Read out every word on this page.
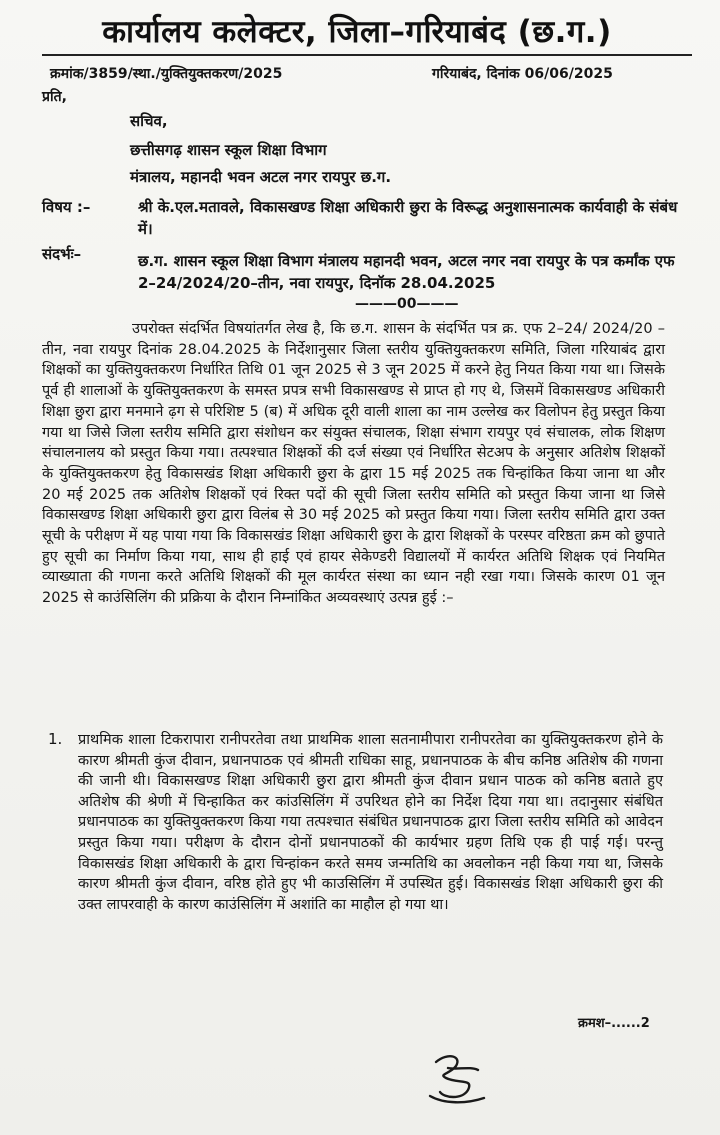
कार्यालय कलेक्टर, जिला–गरियाबंद (छ.ग.)
क्रमांक/3859/स्था./युक्तियुक्तकरण/2025	गरियाबंद, दिनांक 06/06/2025
प्रति,
सचिव,
छत्तीसगढ़ शासन स्कूल शिक्षा विभाग
मंत्रालय, महानदी भवन अटल नगर रायपुर छ.ग.
विषय :–	श्री के.एल.मतावले, विकासखण्ड शिक्षा अधिकारी छुरा के विरूद्ध अनुशासनात्मक कार्यवाही के संबंध में।
संदर्भः–	छ.ग. शासन स्कूल शिक्षा विभाग मंत्रालय महानदी भवन, अटल नगर नवा रायपुर के पत्र कर्मांक एफ 2–24/2024/20–तीन, नवा रायपुर, दिनॉक 28.04.2025
———00———
उपरोक्त संदर्भित विषयांतर्गत लेख है, कि छ.ग. शासन के संदर्भित पत्र क्र. एफ 2–24/ 2024/20 –तीन, नवा रायपुर दिनांक 28.04.2025 के निर्देशानुसार जिला स्तरीय युक्तियुक्तकरण समिति, जिला गरियाबंद द्वारा शिक्षकों का युक्तियुक्तकरण निर्धारित तिथि 01 जून 2025 से 3 जून 2025 में करने हेतु नियत किया गया था। जिसके पूर्व ही शालाओं के युक्तियुक्तकरण के समस्त प्रपत्र सभी विकासखण्ड से प्राप्त हो गए थे, जिसमें विकासखण्ड अधिकारी शिक्षा छुरा द्वारा मनमाने ढ़ग से परिशिष्ट 5 (ब) में अधिक दूरी वाली शाला का नाम उल्लेख कर विलोपन हेतु प्रस्तुत किया गया था जिसे जिला स्तरीय समिति द्वारा संशोधन कर संयुक्त संचालक, शिक्षा संभाग रायपुर एवं संचालक, लोक शिक्षण संचालनालय को प्रस्तुत किया गया। तत्पश्चात शिक्षकों की दर्ज संख्या एवं निर्धारित सेटअप के अनुसार अतिशेष शिक्षकों के युक्तियुक्तकरण हेतु विकासखंड शिक्षा अधिकारी छुरा के द्वारा 15 मई 2025 तक चिन्हांकित किया जाना था और 20 मई 2025 तक अतिशेष शिक्षकों एवं रिक्त पदों की सूची जिला स्तरीय समिति को प्रस्तुत किया जाना था जिसे विकासखण्ड शिक्षा अधिकारी छुरा द्वारा विलंब से 30 मई 2025 को प्रस्तुत किया गया। जिला स्तरीय समिति द्वारा उक्त सूची के परीक्षण में यह पाया गया कि विकासखंड शिक्षा अधिकारी छुरा के द्वारा शिक्षकों के परस्पर वरिष्ठता क्रम को छुपाते हुए सूची का निर्माण किया गया, साथ ही हाई एवं हायर सेकेण्डरी विद्यालयों में कार्यरत अतिथि शिक्षक एवं नियमित व्याख्याता की गणना करते अतिथि शिक्षकों की मूल कार्यरत संस्था का ध्यान नही रखा गया। जिसके कारण 01 जून 2025 से काउंसिलिंग की प्रक्रिया के दौरान निम्नांकित अव्यवस्थाएं उत्पन्न हुई :–
1. प्राथमिक शाला टिकरापारा रानीपरतेवा तथा प्राथमिक शाला सतनामीपारा रानीपरतेवा का युक्तियुक्तकरण होने के कारण श्रीमती कुंज दीवान, प्रधानपाठक एवं श्रीमती राधिका साहू, प्रधानपाठक के बीच कनिष्ठ अतिशेष की गणना की जानी थी। विकासखण्ड शिक्षा अधिकारी छुरा द्वारा श्रीमती कुंज दीवान प्रधान पाठक को कनिष्ठ बताते हुए अतिशेष की श्रेणी में चिन्हाकित कर कांउसिलिंग में उपरिथत होने का निर्देश दिया गया था। तदानुसार संबंधित प्रधानपाठक का युक्तियुक्तकरण किया गया तत्पश्चात संबंधित प्रधानपाठक द्वारा जिला स्तरीय समिति को आवेदन प्रस्तुत किया गया। परीक्षण के दौरान दोनों प्रधानपाठकों की कार्यभार ग्रहण तिथि एक ही पाई गई। परन्तु विकासखंड शिक्षा अधिकारी के द्वारा चिन्हांकन करते समय जन्मतिथि का अवलोकन नही किया गया था, जिसके कारण श्रीमती कुंज दीवान, वरिष्ठ होते हुए भी काउसिलिंग में उपस्थित हुई। विकासखंड शिक्षा अधिकारी छुरा की उक्त लापरवाही के कारण काउंसिलिंग में अशांति का माहौल हो गया था।
क्रमश–......2
